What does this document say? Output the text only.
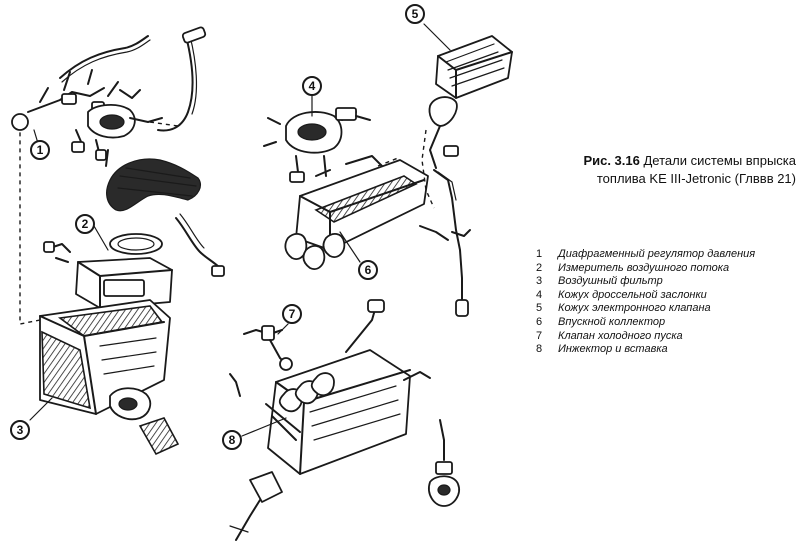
1
2
3
4
5
6
7
8
Рис. 3.16 Детали системы впрыска
топлива KE III-Jetronic (Глввв 21)
1	Диафрагменный регулятор давления
2	Измеритель воздушного потока
3	Воздушный фильтр
4	Кожух дроссельной заслонки
5	Кожух электронного клапана
6	Впускной коллектор
7	Клапан холодного пуска
8	Инжектор и вставка
